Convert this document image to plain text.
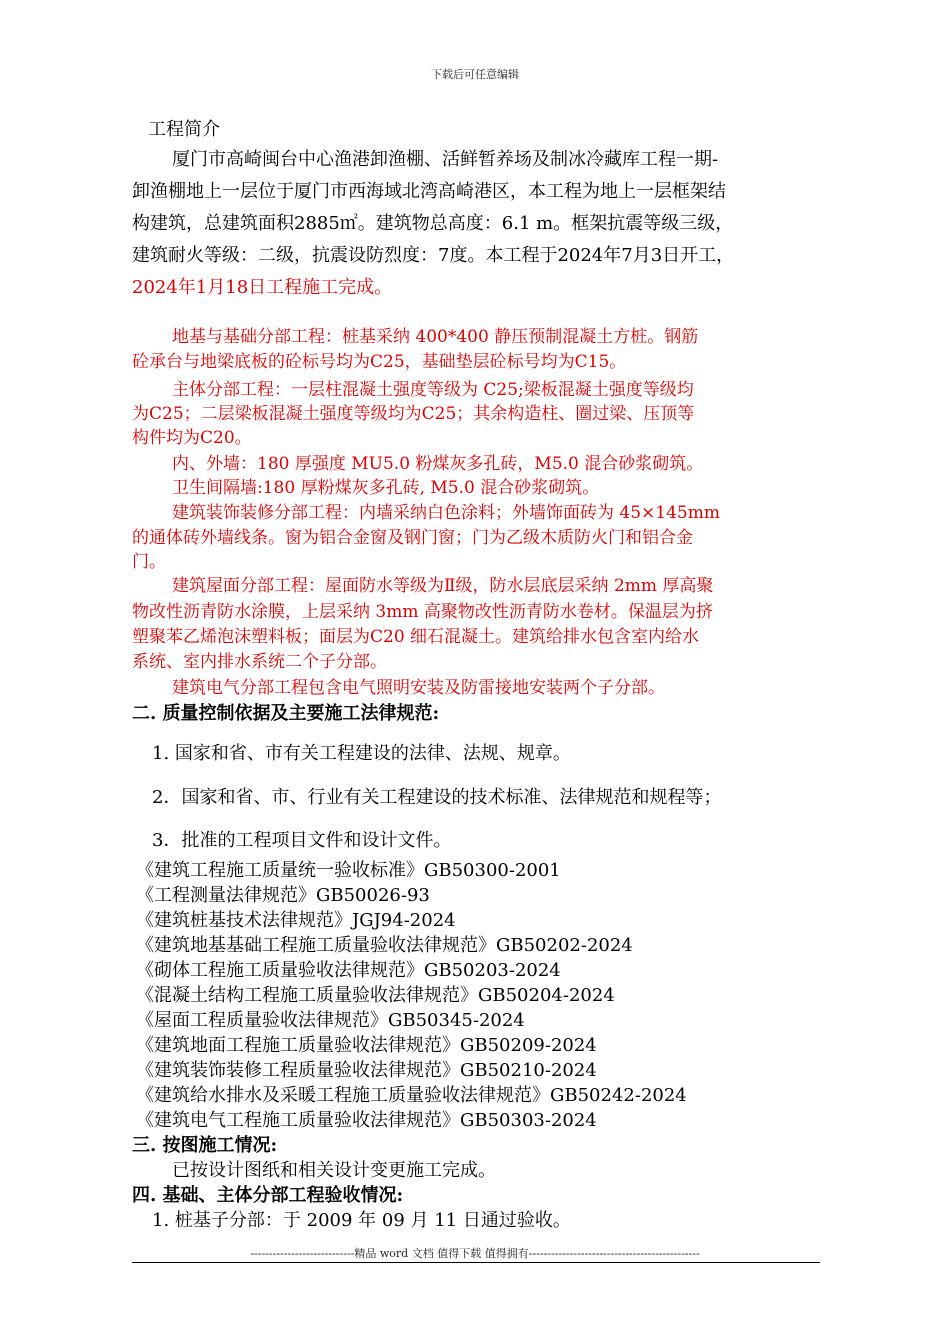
下载后可任意编辑
工程简介
厦门市高崎闽台中心渔港卸渔棚、活鲜暂养场及制冰冷藏库工程一期-
卸渔棚地上一层位于厦门市西海域北湾高崎港区，本工程为地上一层框架结
构建筑，总建筑面积2885㎡。建筑物总高度：6.1 m。框架抗震等级三级，
建筑耐火等级：二级，抗震设防烈度：7度。本工程于2024年7月3日开工，
2024年1月18日工程施工完成。
地基与基础分部工程：桩基采纳 400*400 静压预制混凝土方桩。钢筋
砼承台与地梁底板的砼标号均为C25，基础垫层砼标号均为C15。
主体分部工程：一层柱混凝土强度等级为 C25;梁板混凝土强度等级均
为C25；二层梁板混凝土强度等级均为C25；其余构造柱、圈过梁、压顶等
构件均为C20。
内、外墙：180 厚强度 MU5.0 粉煤灰多孔砖，M5.0 混合砂浆砌筑。
卫生间隔墙:180 厚粉煤灰多孔砖, M5.0 混合砂浆砌筑。
建筑装饰装修分部工程：内墙采纳白色涂料；外墙饰面砖为 45×145mm
的通体砖外墙线条。窗为铝合金窗及钢门窗；门为乙级木质防火门和铝合金
门。
建筑屋面分部工程：屋面防水等级为Ⅱ级，防水层底层采纳 2mm 厚高聚
物改性沥青防水涂膜，上层采纳 3mm 高聚物改性沥青防水卷材。保温层为挤
塑聚苯乙烯泡沫塑料板；面层为C20 细石混凝土。建筑给排水包含室内给水
系统、室内排水系统二个子分部。
建筑电气分部工程包含电气照明安装及防雷接地安装两个子分部。
二. 质量控制依据及主要施工法律规范:
1. 国家和省、市有关工程建设的法律、法规、规章。
2．国家和省、市、行业有关工程建设的技术标准、法律规范和规程等；
3．批准的工程项目文件和设计文件。
《建筑工程施工质量统一验收标准》GB50300-2001
《工程测量法律规范》GB50026-93
《建筑桩基技术法律规范》JGJ94-2024
《建筑地基基础工程施工质量验收法律规范》GB50202-2024
《砌体工程施工质量验收法律规范》GB50203-2024
《混凝土结构工程施工质量验收法律规范》GB50204-2024
《屋面工程质量验收法律规范》GB50345-2024
《建筑地面工程施工质量验收法律规范》GB50209-2024
《建筑装饰装修工程质量验收法律规范》GB50210-2024
《建筑给水排水及采暖工程施工质量验收法律规范》GB50242-2024
《建筑电气工程施工质量验收法律规范》GB50303-2024
三. 按图施工情况:
已按设计图纸和相关设计变更施工完成。
四. 基础、主体分部工程验收情况:
1. 桩基子分部：于 2009 年 09 月 11 日通过验收。
----------------------------精品 word 文档 值得下载 值得拥有----------------------------------------------
